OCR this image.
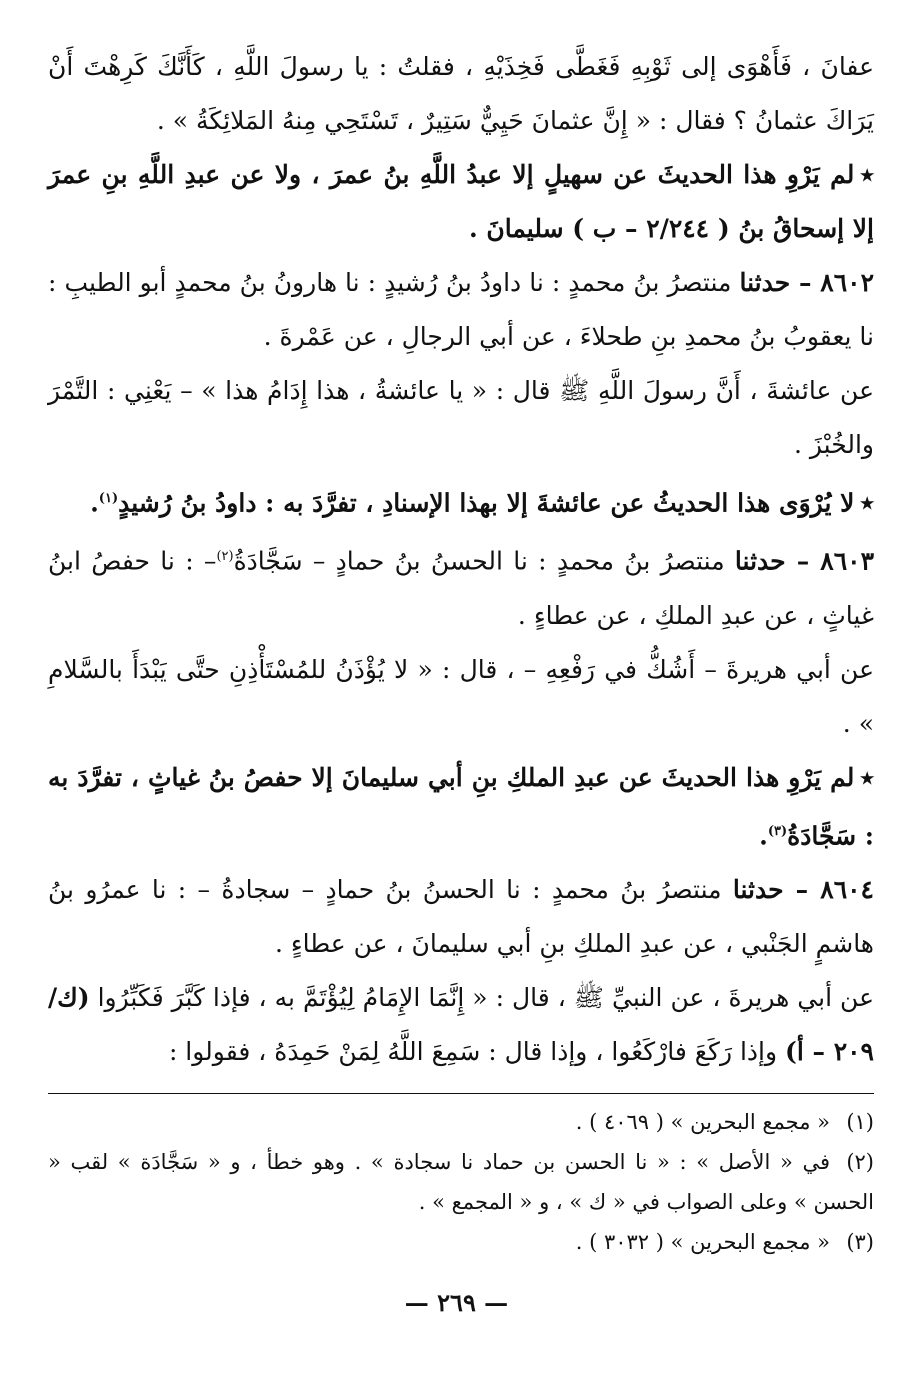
عفانَ ، فَأَهْوَى إلى ثَوْبِهِ فَغَطَّى فَخِذَيْهِ ، فقلتُ : يا رسولَ اللَّهِ ، كَأَنَّكَ كَرِهْتَ أَنْ يَرَاكَ عثمانُ ؟ فقال : « إِنَّ عثمانَ حَيِيٌّ سَتِيرٌ ، تَسْتَحِي مِنهُ المَلائِكَةُ » .

٭لم يَرْوِ هذا الحديثَ عن سهيلٍ إلا عبدُ اللَّهِ بنُ عمرَ ، ولا عن عبدِ اللَّهِ بنِ عمرَ إلا إسحاقُ بنُ ( ٢/٢٤٤ – ب ) سليمانَ .

٨٦٠٢ – حدثنا منتصرُ بنُ محمدٍ : نا داودُ بنُ رُشيدٍ : نا هارونُ بنُ محمدٍ أبو الطيبِ : نا يعقوبُ بنُ محمدِ بنِ طحلاءَ ، عن أبي الرجالِ ، عن عَمْرةَ .

عن عائشةَ ، أَنَّ رسولَ اللَّهِ ﷺ قال : « يا عائشةُ ، هذا إِدَامُ هذا » – يَعْنِي : التَّمْرَ والخُبْزَ .

٭لا يُرْوَى هذا الحديثُ عن عائشةَ إلا بهذا الإسنادِ ، تفرَّدَ به : داودُ بنُ رُشيدٍ$^{(١)}$.

٨٦٠٣ – حدثنا منتصرُ بنُ محمدٍ : نا الحسنُ بنُ حمادٍ – سَجَّادَةُ$^{(٢)}$– : نا حفصُ ابنُ غياثٍ ، عن عبدِ الملكِ ، عن عطاءٍ .

عن أبي هريرةَ – أَشُكُّ في رَفْعِهِ – ، قال : « لا يُؤْذَنُ للمُسْتَأْذِنِ حتَّى يَبْدَأَ بالسَّلامِ » .

٭لم يَرْوِ هذا الحديثَ عن عبدِ الملكِ بنِ أبي سليمانَ إلا حفصُ بنُ غياثٍ ، تفرَّدَ به : سَجَّادَةُ$^{(٣)}$.

٨٦٠٤ – حدثنا منتصرُ بنُ محمدٍ : نا الحسنُ بنُ حمادٍ – سجادةُ – : نا عمرُو بنُ هاشمٍ الجَنْبي ، عن عبدِ الملكِ بنِ أبي سليمانَ ، عن عطاءٍ .

عن أبي هريرةَ ، عن النبيِّ ﷺ ، قال : « إِنَّمَا الإِمَامُ لِيُؤْتَمَّ به ، فإذا كَبَّرَ فَكَبِّرُوا (ك/٢٠٩ – أ) وإذا رَكَعَ فارْكَعُوا ، وإذا قال : سَمِعَ اللَّهُ لِمَنْ حَمِدَهُ ، فقولوا :

(١)« مجمع البحرين » ( ٤٠٦٩ ) .

(٢)في « الأصل » : « نا الحسن بن حماد نا سجادة » . وهو خطأ ، و « سَجَّادَة » لقب « الحسن » وعلى الصواب في « ك » ، و « المجمع » .

(٣)« مجمع البحرين » ( ٣٠٣٢ ) .

— ٢٦٩ —
